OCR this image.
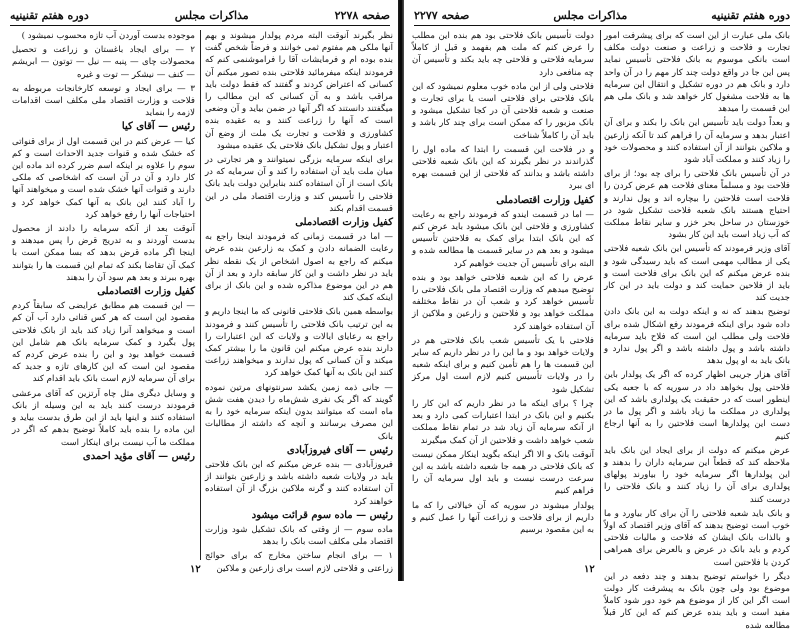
صفحه ۲۲۷۸
مذاکرات مجلس
دوره هفتم تقنینیه

نظر بگیرند آنوقت البته مردم پولدار میشوند و بهم آنها ملکی هم مفتوم ثمی خوانند و فرضاً شخص گفت بنده بوده ام و فرمایشات آقا را فراموشنمی کنم که فرمودند اینکه میفرمائید فلاحتی بنده تصور میکنم آن کسانی که اعتراض کردند و گفتند که فقط دولت باید مراقب باشد و به آن کسانی که این مطالب را میگفتند دانستند که اگر آنها در ضمن بیاید و آن وضعی است که آنها را زراعت کنند و به عقیده بنده کشاورزی و فلاحت و تجارت یک ملت از وضع آن اعتبار و پول تشکیل بانک فلاحتی یک عقیده میشود

برای اینکه سرمایه بزرگی نمیتوانند و هر تجارتی در میان ملت باید آن استفاده را کند و آن سرمایه که در بانک است از آن استفاده کنند بنابراین دولت باید بانک فلاحتی را تأسیس کند و وزارت اقتصاد ملی در این قسمت اقدام بکند

کفیل وزارت اقتصادملی

— اما در قسمت زمانی که فرمودند اینجا راجع به رعایت الضمانه دادن و کمک به زارعین بنده عرض میکنم که راجع به اصول اشخاص از یک نقطه نظر باید در نظر داشت و این کار سابقه دارد و بعد از آن هم در این موضوع مذاکره شده و این بانک از برای اینکه کمک کند

بواسطه همین بانک فلاحتی قانونی که ما اینجا داریم و به این ترتیب بانک فلاحتی را تأسیس کنند و فرمودند راجع به رعایای ایالات و ولایات که این اعتبارات را دارند بنده عرض میکنم این قانون ما را بیشتر کمک میکند و آن کسانی که پول ندارند و میخواهند زراعت کنند این بانک به آنها کمک خواهد کرد

— جانی ذمه زمین یکشد سرنتونهای مرتین نموده گویند که اگر یک نفری شش‌ماه را دیدن هفت شش ماه است که میتوانند بدون اینکه سرمایه خود را به این مصرف برسانند و آنچه که داشته از مطالبات بانک

رئیس — آقای فیروزآبادی

فیروزآبادی — بنده عرض میکنم که این بانک فلاحتی باید در ولایات شعبه داشته باشد و زارعین بتوانند از آن استفاده کنند و گرنه ملاکین بزرگ از آن استفاده خواهند کرد

رئیس — ماده سوم قرائت میشود

ماده سوم — از وقتی که بانک تشکیل شود وزارت اقتصاد ملی مکلف است بانک را بدهد

۱ — برای انجام ساختن مخارج که برای حوائج زراعتی و فلاحتی لازم است برای زارعین و ملاکین

موجوده بدست آوردن آب تازه محسوب نمیشود )

۲ — برای ایجاد باغستان و زراعت و تحصیل محصولات چای — پنبه — نیل — توتون — ابریشم — کنف — نیشکر — توت و غیره

۳ — برای ایجاد و توسعه کارخانجات مربوطه به فلاحت و وزارت اقتصاد ملی مکلف است اقدامات لازمه را بنماید

رئیس — آقای کیا

کیا — عرض کنم در این قسمت اول از برای قنواتی که خشک شده و قنوات جدید الاحداث است و کم سوم را علاوه بر اینکه اسم ضرر کرده اند ماده این کار دارد و آن در آن است که اشخاصی که ملکی دارند و قنوات آنها خشک شده است و میخواهند آنها را آباد کنند این بانک به آنها کمک خواهد کرد و احتیاجات آنها را رفع خواهد کرد

آنوقت بعد از آنکه سرمایه را دادند از محصول بدست آوردند و به تدریج قرض را پس میدهند و اینجا اگر ماده قرض بدهد که بسا ممکن است با کمک آن تقاضا بکند که تمام این قسمت ها را بتوانند بهره ببرند و بعد هم سود آن را بدهند

کفیل وزارت اقتصادملی

— این قسمت هم مطابق عرایضی که سابقاً کردم مقصود این است که هر کس قناتی دارد آب آن کم است و میخواهد آنرا زیاد کند باید از بانک فلاحتی پول بگیرد و کمک سرمایه بانک هم شامل این قسمت خواهد بود و این را بنده عرض کردم که مقصود این است که این کارهای تازه و جدید که برای آن سرمایه لازم است بانک باید اقدام کند

و وسایل دیگری مثل چاه آرتزین که آقای مرعشی فرمودند درست کنند باید به این وسیله از بانک استفاده کنند و اینها باید از این طرق بدست بیاید و این ماده را بنده باید کاملاً توضیح بدهم که اگر در مملکت ما آب نیست برای اینکار است

رئیس — آقای مؤید احمدی

۱۲
دوره هفتم تقنینیه
مذاکرات مجلس
صفحه ۲۲۷۷

بانک ملی عبارت از این است که برای پیشرفت امور تجارت و فلاحت و زراعت و صنعت دولت مکلف است بانکی موسوم به بانک فلاحتی تأسیس نماید پس این جا در واقع دولت چند کار مهم را در آن واحد دارد و بانک هم در دوره تشکیل و انتقال این سرمایه ها به فلاحت مشغول کار خواهد شد و بانک ملی هم این قسمت را میدهد

و بعداً دولت باید تأسیس این بانک را بکند و برای آن اعتبار بدهد و سرمایه آن را فراهم کند تا آنکه زارعین و ملاکین بتوانند از آن استفاده کنند و محصولات خود را زیاد کنند و مملکت آباد شود

در آن تأسیس بانک فلاحتی را برای چه بود؛ از برای فلاحت بود و مسلماً معنای فلاحت هم عرض کردن را فلاحت است فلاحتین را بیچاره اند و پول ندارند و احتیاج هستند بانک شعبه فلاحت تشکیل شود در خوزستان در ساحل بحر خزر و سایر نقاط مملکت که آب زیاد است باید این کار بشود

آقای وزیر فرمودند که تأسیس این بانک شعبه فلاحتی یکی از مطالب مهمی است که باید رسیدگی شود و بنده عرض میکنم که این بانک برای فلاحت است و باید از فلاحین حمایت کند و دولت باید در این کار جدیت کند

توضیح بدهند که نه و اینکه دولت به این بانک دادن داده شود برای اینکه فرمودند رفع اشکال شده برای فلاحت ولی مطلب این است که فلاح باید سرمایه داشته باشد و پول داشته باشد و اگر پول ندارد و بانک باید به او پول بدهد

آقای هزار جریبی اظهار کرده که اگر یک پولدار باین فلاحتی پول بخواهد داد در سوریه که با جعبه یکی اینطور است که در حقیقت یک پولداری باشد که این پولداری در مملکت ما زیاد باشد و اگر پول ما در دست این پولدارها است فلاحتین را به آنها ارجاع کنیم

عرض میکنم که دولت از برای ایجاد این بانک باید ملاحظه کند که قطعاً این سرمایه داران را بدهند و این پولدارها اگر سرمایه خود را بیاورند پولهای پولداری برای آن را زیاد کنند و بانک فلاحتی را درست کنند

و بانک باید شعبه فلاحتی را آن برای کار بیاورد و ما خوب است توضیح بدهند که آقای وزیر اقتصاد که اولاً و بالذات بانک ایشان که فلاحت و مالیات فلاحتی کردم و باید بانک در عرض و بالعرض برای همراهی کردن با فلاحتین است

دیگر را خواستم توضیح بدهند و چند دفعه در این موضوع بود ولی چون بانک به پیشرفت کار دولت است اگر این کار از موضوع هم خود دور شود کاملاً مفید است و باید بنده عرض کنم که این کار قبلاً مطالعه شده

دولت تأسیس بانک فلاحتی بود هم بنده این مطلب را عرض کنم که ملت هم بفهمد و قبل از کاملاً سرمایه فلاحتی و فلاحتی چه باید بکند و تأسیس آن چه منافعی دارد

فلاحتی ولی از این ماده خوب معلوم نمیشود که این بانک فلاحتی برای فلاحتی است یا برای تجارت و صنعت و شعبه فلاحتی آن در کجا تشکیل میشود و بانک مزبور را که ممکن است برای چند کار باشد و باید آن را کاملاً شناخت

و در فلاحت این قسمت را ابتدا که ماده اول را گذراندند در نظر بگیرند که این بانک شعبه فلاحتی داشته باشد و بدانند که فلاحتی از این قسمت بهره ای ببرد

کفیل وزارت اقتصادملی

— اما در قسمت ایندو که فرمودند راجع به رعایت کشاورزی و فلاحتی این بانک میشود باید عرض کنم که این بانک ابتدا برای کمک به فلاحتین تأسیس میشود و بعد هم در سایر قسمت ها مطالعه شده و البته برای تأسیس آن جدیت خواهیم کرد

عرض را که این شعبه فلاحتی خواهد بود و بنده توضیح میدهم که وزارت اقتصاد ملی بانک فلاحتی را تأسیس خواهد کرد و شعب آن در نقاط مختلفه مملکت خواهد بود و فلاحتین و زارعین و ملاکین از آن استفاده خواهند کرد

فلاحتی با یک تأسیس شعب بانک فلاحتی هم در ولایات خواهد بود و ما این را در نظر داریم که سایر این قسمت ها را هم تأمین کنیم و برای اینکه شعبه را در ولایات تأسیس کنیم لازم است اول مرکز تشکیل شود

چرا ؟ برای اینکه ما در نظر داریم که این کار را بکنیم و این بانک در ابتدا اعتبارات کمی دارد و بعد از آنکه سرمایه آن زیاد شد در تمام نقاط مملکت شعب خواهد داشت و فلاحتین از آن کمک میگیرند

آنوقت بانک و الا اگر اینکه بگوید اینکار ممکن نیست که بانک فلاحتی در همه جا شعبه داشته باشد به این سرعت درست نیست و باید اول سرمایه آن را فراهم کنیم

پولدار میشوند در سوریه که آن خیالاتی را که ما داریم از برای فلاحت و زراعت آنها را عمل کنیم و به این مقصود برسیم

۱۲
